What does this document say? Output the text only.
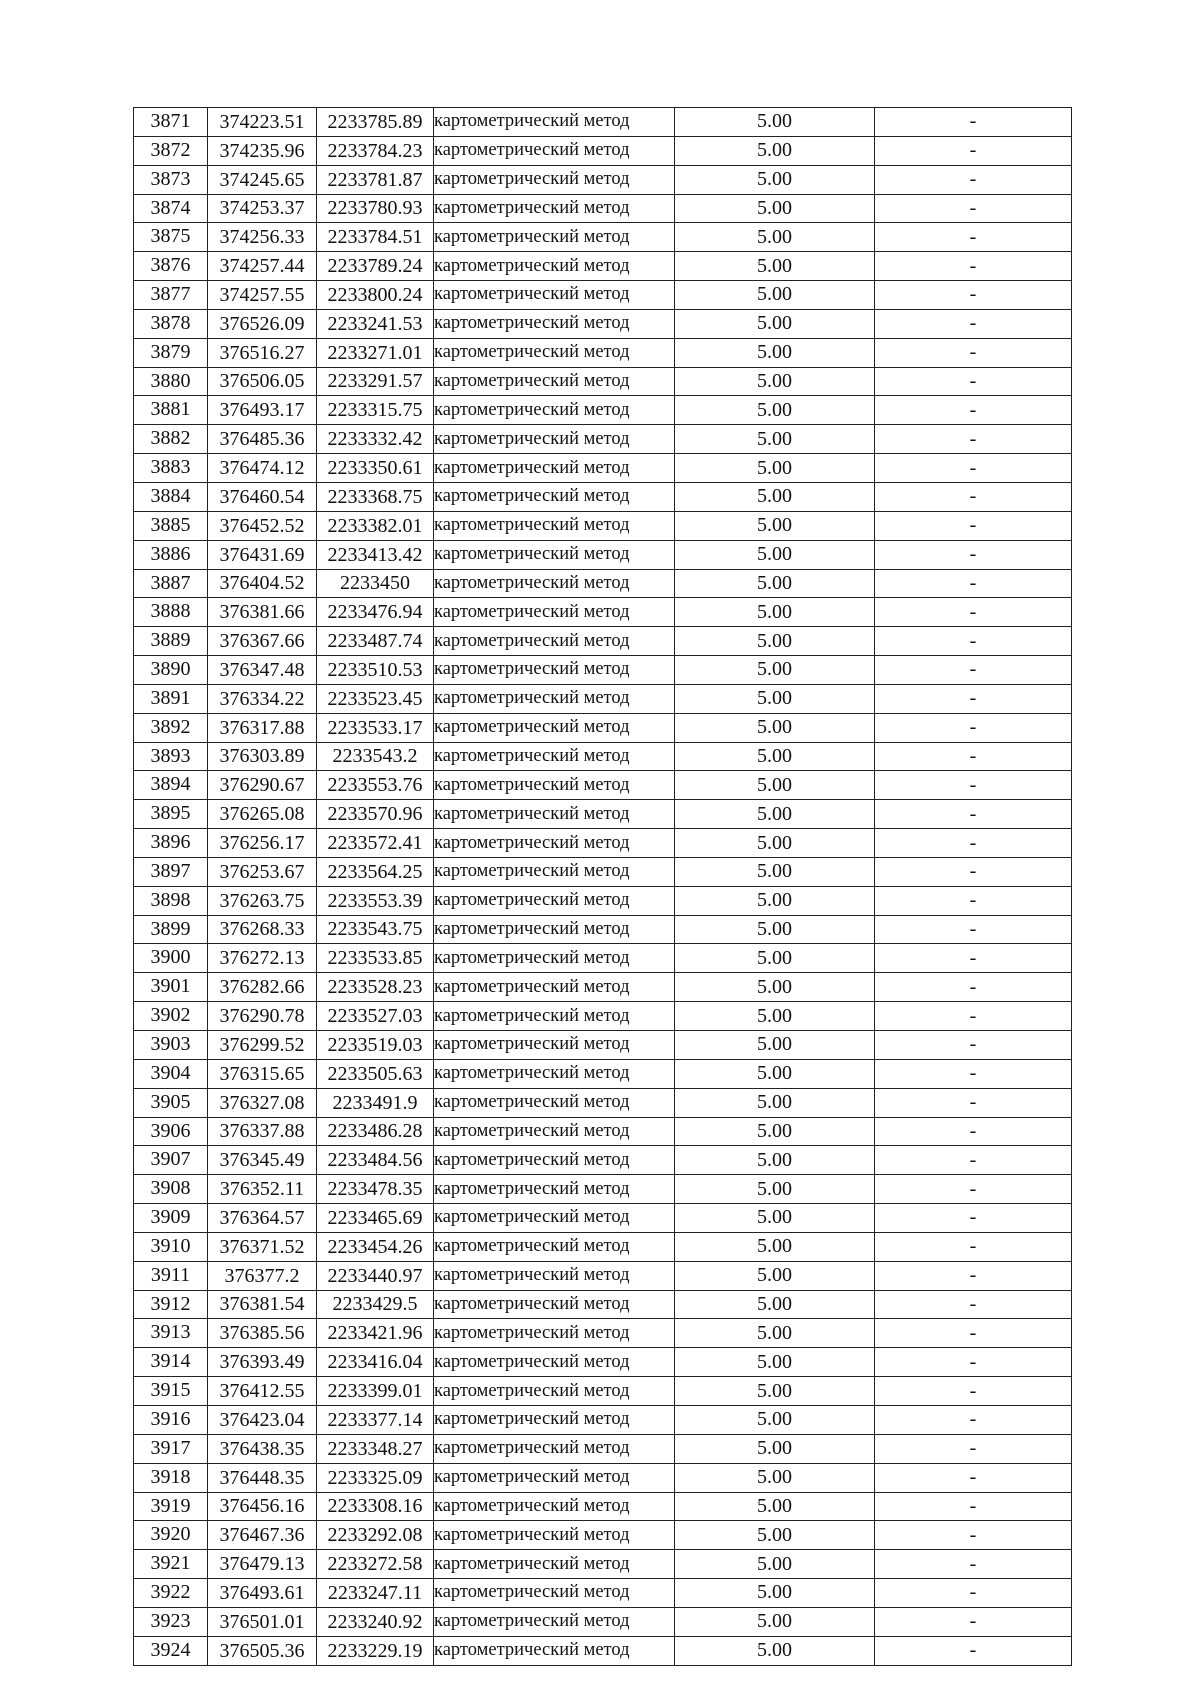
3871	374223.51	2233785.89	картометрический метод	5.00	-
3872	374235.96	2233784.23	картометрический метод	5.00	-
3873	374245.65	2233781.87	картометрический метод	5.00	-
3874	374253.37	2233780.93	картометрический метод	5.00	-
3875	374256.33	2233784.51	картометрический метод	5.00	-
3876	374257.44	2233789.24	картометрический метод	5.00	-
3877	374257.55	2233800.24	картометрический метод	5.00	-
3878	376526.09	2233241.53	картометрический метод	5.00	-
3879	376516.27	2233271.01	картометрический метод	5.00	-
3880	376506.05	2233291.57	картометрический метод	5.00	-
3881	376493.17	2233315.75	картометрический метод	5.00	-
3882	376485.36	2233332.42	картометрический метод	5.00	-
3883	376474.12	2233350.61	картометрический метод	5.00	-
3884	376460.54	2233368.75	картометрический метод	5.00	-
3885	376452.52	2233382.01	картометрический метод	5.00	-
3886	376431.69	2233413.42	картометрический метод	5.00	-
3887	376404.52	2233450	картометрический метод	5.00	-
3888	376381.66	2233476.94	картометрический метод	5.00	-
3889	376367.66	2233487.74	картометрический метод	5.00	-
3890	376347.48	2233510.53	картометрический метод	5.00	-
3891	376334.22	2233523.45	картометрический метод	5.00	-
3892	376317.88	2233533.17	картометрический метод	5.00	-
3893	376303.89	2233543.2	картометрический метод	5.00	-
3894	376290.67	2233553.76	картометрический метод	5.00	-
3895	376265.08	2233570.96	картометрический метод	5.00	-
3896	376256.17	2233572.41	картометрический метод	5.00	-
3897	376253.67	2233564.25	картометрический метод	5.00	-
3898	376263.75	2233553.39	картометрический метод	5.00	-
3899	376268.33	2233543.75	картометрический метод	5.00	-
3900	376272.13	2233533.85	картометрический метод	5.00	-
3901	376282.66	2233528.23	картометрический метод	5.00	-
3902	376290.78	2233527.03	картометрический метод	5.00	-
3903	376299.52	2233519.03	картометрический метод	5.00	-
3904	376315.65	2233505.63	картометрический метод	5.00	-
3905	376327.08	2233491.9	картометрический метод	5.00	-
3906	376337.88	2233486.28	картометрический метод	5.00	-
3907	376345.49	2233484.56	картометрический метод	5.00	-
3908	376352.11	2233478.35	картометрический метод	5.00	-
3909	376364.57	2233465.69	картометрический метод	5.00	-
3910	376371.52	2233454.26	картометрический метод	5.00	-
3911	376377.2	2233440.97	картометрический метод	5.00	-
3912	376381.54	2233429.5	картометрический метод	5.00	-
3913	376385.56	2233421.96	картометрический метод	5.00	-
3914	376393.49	2233416.04	картометрический метод	5.00	-
3915	376412.55	2233399.01	картометрический метод	5.00	-
3916	376423.04	2233377.14	картометрический метод	5.00	-
3917	376438.35	2233348.27	картометрический метод	5.00	-
3918	376448.35	2233325.09	картометрический метод	5.00	-
3919	376456.16	2233308.16	картометрический метод	5.00	-
3920	376467.36	2233292.08	картометрический метод	5.00	-
3921	376479.13	2233272.58	картометрический метод	5.00	-
3922	376493.61	2233247.11	картометрический метод	5.00	-
3923	376501.01	2233240.92	картометрический метод	5.00	-
3924	376505.36	2233229.19	картометрический метод	5.00	-
